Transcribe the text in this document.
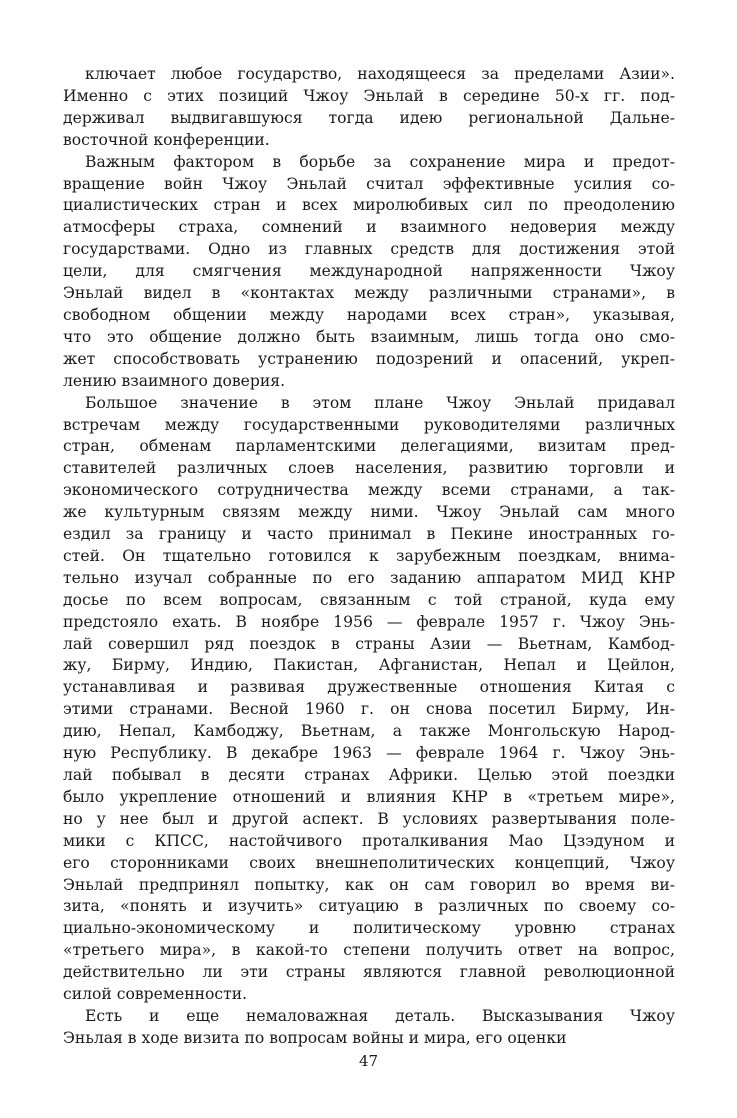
ключает любое государство, находящееся за пределами Азии».
Именно с этих позиций Чжоу Эньлай в середине 50-х гг. под-
держивал выдвигавшуюся тогда идею региональной Дальне-
восточной конференции.
Важным фактором в борьбе за сохранение мира и предот-
вращение войн Чжоу Эньлай считал эффективные усилия со-
циалистических стран и всех миролюбивых сил по преодолению
атмосферы страха, сомнений и взаимного недоверия между
государствами. Одно из главных средств для достижения этой
цели, для смягчения международной напряженности Чжоу
Эньлай видел в «контактах между различными странами», в
свободном общении между народами всех стран», указывая,
что это общение должно быть взаимным, лишь тогда оно смо-
жет способствовать устранению подозрений и опасений, укреп-
лению взаимного доверия.
Большое значение в этом плане Чжоу Эньлай придавал
встречам между государственными руководителями различных
стран, обменам парламентскими делегациями, визитам пред-
ставителей различных слоев населения, развитию торговли и
экономического сотрудничества между всеми странами, а так-
же культурным связям между ними. Чжоу Эньлай сам много
ездил за границу и часто принимал в Пекине иностранных го-
стей. Он тщательно готовился к зарубежным поездкам, внима-
тельно изучал собранные по его заданию аппаратом МИД КНР
досье по всем вопросам, связанным с той страной, куда ему
предстояло ехать. В ноябре 1956 — феврале 1957 г. Чжоу Энь-
лай совершил ряд поездок в страны Азии — Вьетнам, Камбод-
жу, Бирму, Индию, Пакистан, Афганистан, Непал и Цейлон,
устанавливая и развивая дружественные отношения Китая с
этими странами. Весной 1960 г. он снова посетил Бирму, Ин-
дию, Непал, Камбоджу, Вьетнам, а также Монгольскую Народ-
ную Республику. В декабре 1963 — феврале 1964 г. Чжоу Энь-
лай побывал в десяти странах Африки. Целью этой поездки
было укрепление отношений и влияния КНР в «третьем мире»,
но у нее был и другой аспект. В условиях развертывания поле-
мики с КПСС, настойчивого проталкивания Мао Цзэдуном и
его сторонниками своих внешнеполитических концепций, Чжоу
Эньлай предпринял попытку, как он сам говорил во время ви-
зита, «понять и изучить» ситуацию в различных по своему со-
циально-экономическому и политическому уровню странах
«третьего мира», в какой-то степени получить ответ на вопрос,
действительно ли эти страны являются главной революционной
силой современности.
Есть и еще немаловажная деталь. Высказывания Чжоу
Эньлая в ходе визита по вопросам войны и мира, его оценки
47
